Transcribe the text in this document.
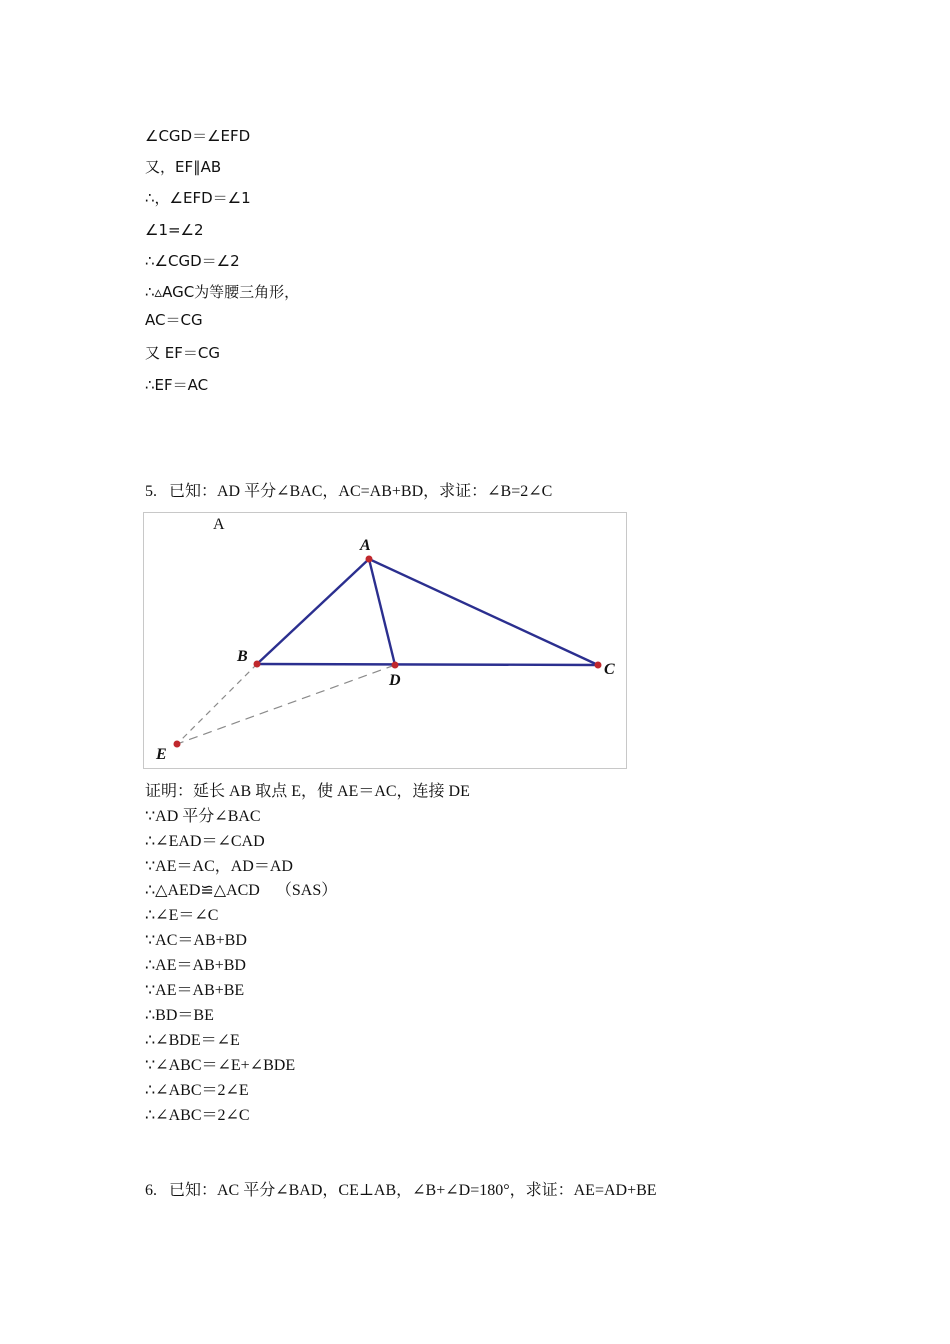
∠CGD＝∠EFD
又，EF∥AB
∴，∠EFD＝∠1
∠1=∠2
∴∠CGD＝∠2
∴▵AGC为等腰三角形，
AC＝CG
又 EF＝CG
∴EF＝AC
5.   已知：AD 平分∠BAC，AC=AB+BD，求证：∠B=2∠C
A
A
B
D
C
E
证明：延长 AB 取点 E，使 AE＝AC，连接 DE
∵AD 平分∠BAC
∴∠EAD＝∠CAD
∵AE＝AC，AD＝AD
∴△AED≌△ACD    （SAS）
∴∠E＝∠C
∵AC＝AB+BD
∴AE＝AB+BD
∵AE＝AB+BE
∴BD＝BE
∴∠BDE＝∠E
∵∠ABC＝∠E+∠BDE
∴∠ABC＝2∠E
∴∠ABC＝2∠C
6.   已知：AC 平分∠BAD，CE⊥AB，∠B+∠D=180°，求证：AE=AD+BE
